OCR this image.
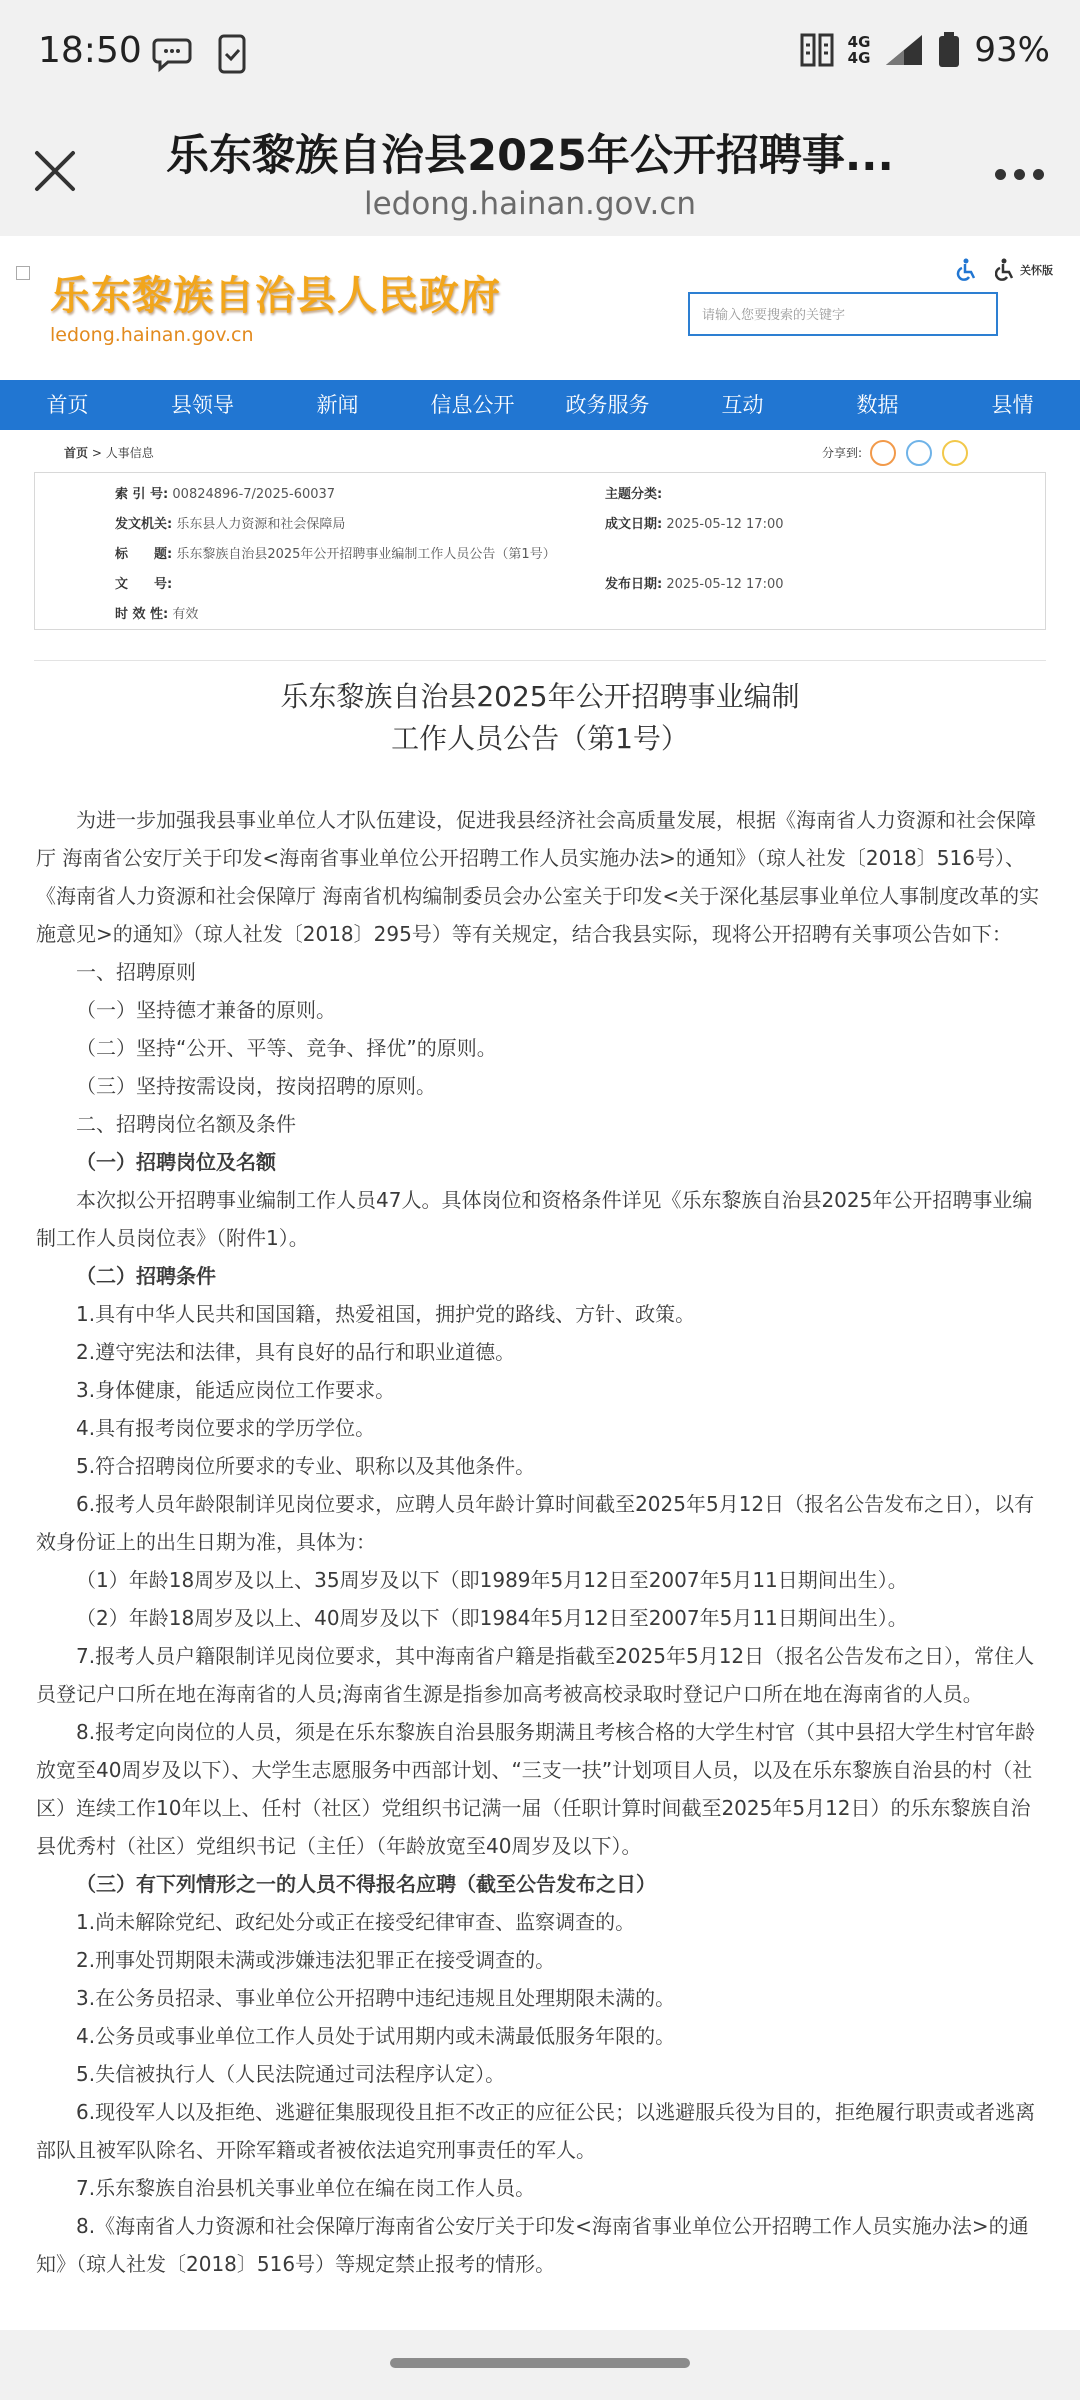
18:50	4G
4G	93%
乐东黎族自治县2025年公开招聘事...
ledong.hainan.gov.cn
乐东黎族自治县人民政府
ledong.hainan.gov.cn
关怀版
请输入您要搜索的关键字
首页	县领导	新闻	信息公开	政务服务	互动	数据	县情
首页 > 人事信息	分享到:
索 引 号: 00824896-7/2025-60037	主题分类:
发文机关: 乐东县人力资源和社会保障局	成文日期: 2025-05-12 17:00
标　　题: 乐东黎族自治县2025年公开招聘事业编制工作人员公告（第1号）
文　　号:	发布日期: 2025-05-12 17:00
时 效 性: 有效
乐东黎族自治县2025年公开招聘事业编制
工作人员公告（第1号）

为进一步加强我县事业单位人才队伍建设，促进我县经济社会高质量发展，根据《海南省人力资源和社会保障厅 海南省公安厅关于印发<海南省事业单位公开招聘工作人员实施办法>的通知》（琼人社发〔2018〕516号）、《海南省人力资源和社会保障厅 海南省机构编制委员会办公室关于印发<关于深化基层事业单位人事制度改革的实施意见>的通知》（琼人社发〔2018〕295号）等有关规定，结合我县实际，现将公开招聘有关事项公告如下：

一、招聘原则

（一）坚持德才兼备的原则。

（二）坚持“公开、平等、竞争、择优”的原则。

（三）坚持按需设岗，按岗招聘的原则。

二、招聘岗位名额及条件

（一）招聘岗位及名额

本次拟公开招聘事业编制工作人员47人。具体岗位和资格条件详见《乐东黎族自治县2025年公开招聘事业编制工作人员岗位表》（附件1）。

（二）招聘条件

1.具有中华人民共和国国籍，热爱祖国，拥护党的路线、方针、政策。

2.遵守宪法和法律，具有良好的品行和职业道德。

3.身体健康，能适应岗位工作要求。

4.具有报考岗位要求的学历学位。

5.符合招聘岗位所要求的专业、职称以及其他条件。

6.报考人员年龄限制详见岗位要求，应聘人员年龄计算时间截至2025年5月12日（报名公告发布之日），以有效身份证上的出生日期为准，具体为：

（1）年龄18周岁及以上、35周岁及以下（即1989年5月12日至2007年5月11日期间出生）。

（2）年龄18周岁及以上、40周岁及以下（即1984年5月12日至2007年5月11日期间出生）。

7.报考人员户籍限制详见岗位要求，其中海南省户籍是指截至2025年5月12日（报名公告发布之日），常住人员登记户口所在地在海南省的人员;海南省生源是指参加高考被高校录取时登记户口所在地在海南省的人员。

8.报考定向岗位的人员，须是在乐东黎族自治县服务期满且考核合格的大学生村官（其中县招大学生村官年龄放宽至40周岁及以下）、大学生志愿服务中西部计划、“三支一扶”计划项目人员，以及在乐东黎族自治县的村（社区）连续工作10年以上、任村（社区）党组织书记满一届（任职计算时间截至2025年5月12日）的乐东黎族自治县优秀村（社区）党组织书记（主任）（年龄放宽至40周岁及以下）。

（三）有下列情形之一的人员不得报名应聘（截至公告发布之日）

1.尚未解除党纪、政纪处分或正在接受纪律审查、监察调查的。

2.刑事处罚期限未满或涉嫌违法犯罪正在接受调查的。

3.在公务员招录、事业单位公开招聘中违纪违规且处理期限未满的。

4.公务员或事业单位工作人员处于试用期内或未满最低服务年限的。

5.失信被执行人（人民法院通过司法程序认定）。

6.现役军人以及拒绝、逃避征集服现役且拒不改正的应征公民；以逃避服兵役为目的，拒绝履行职责或者逃离部队且被军队除名、开除军籍或者被依法追究刑事责任的军人。

7.乐东黎族自治县机关事业单位在编在岗工作人员。

8.《海南省人力资源和社会保障厅海南省公安厅关于印发<海南省事业单位公开招聘工作人员实施办法>的通知》（琼人社发〔2018〕516号）等规定禁止报考的情形。
